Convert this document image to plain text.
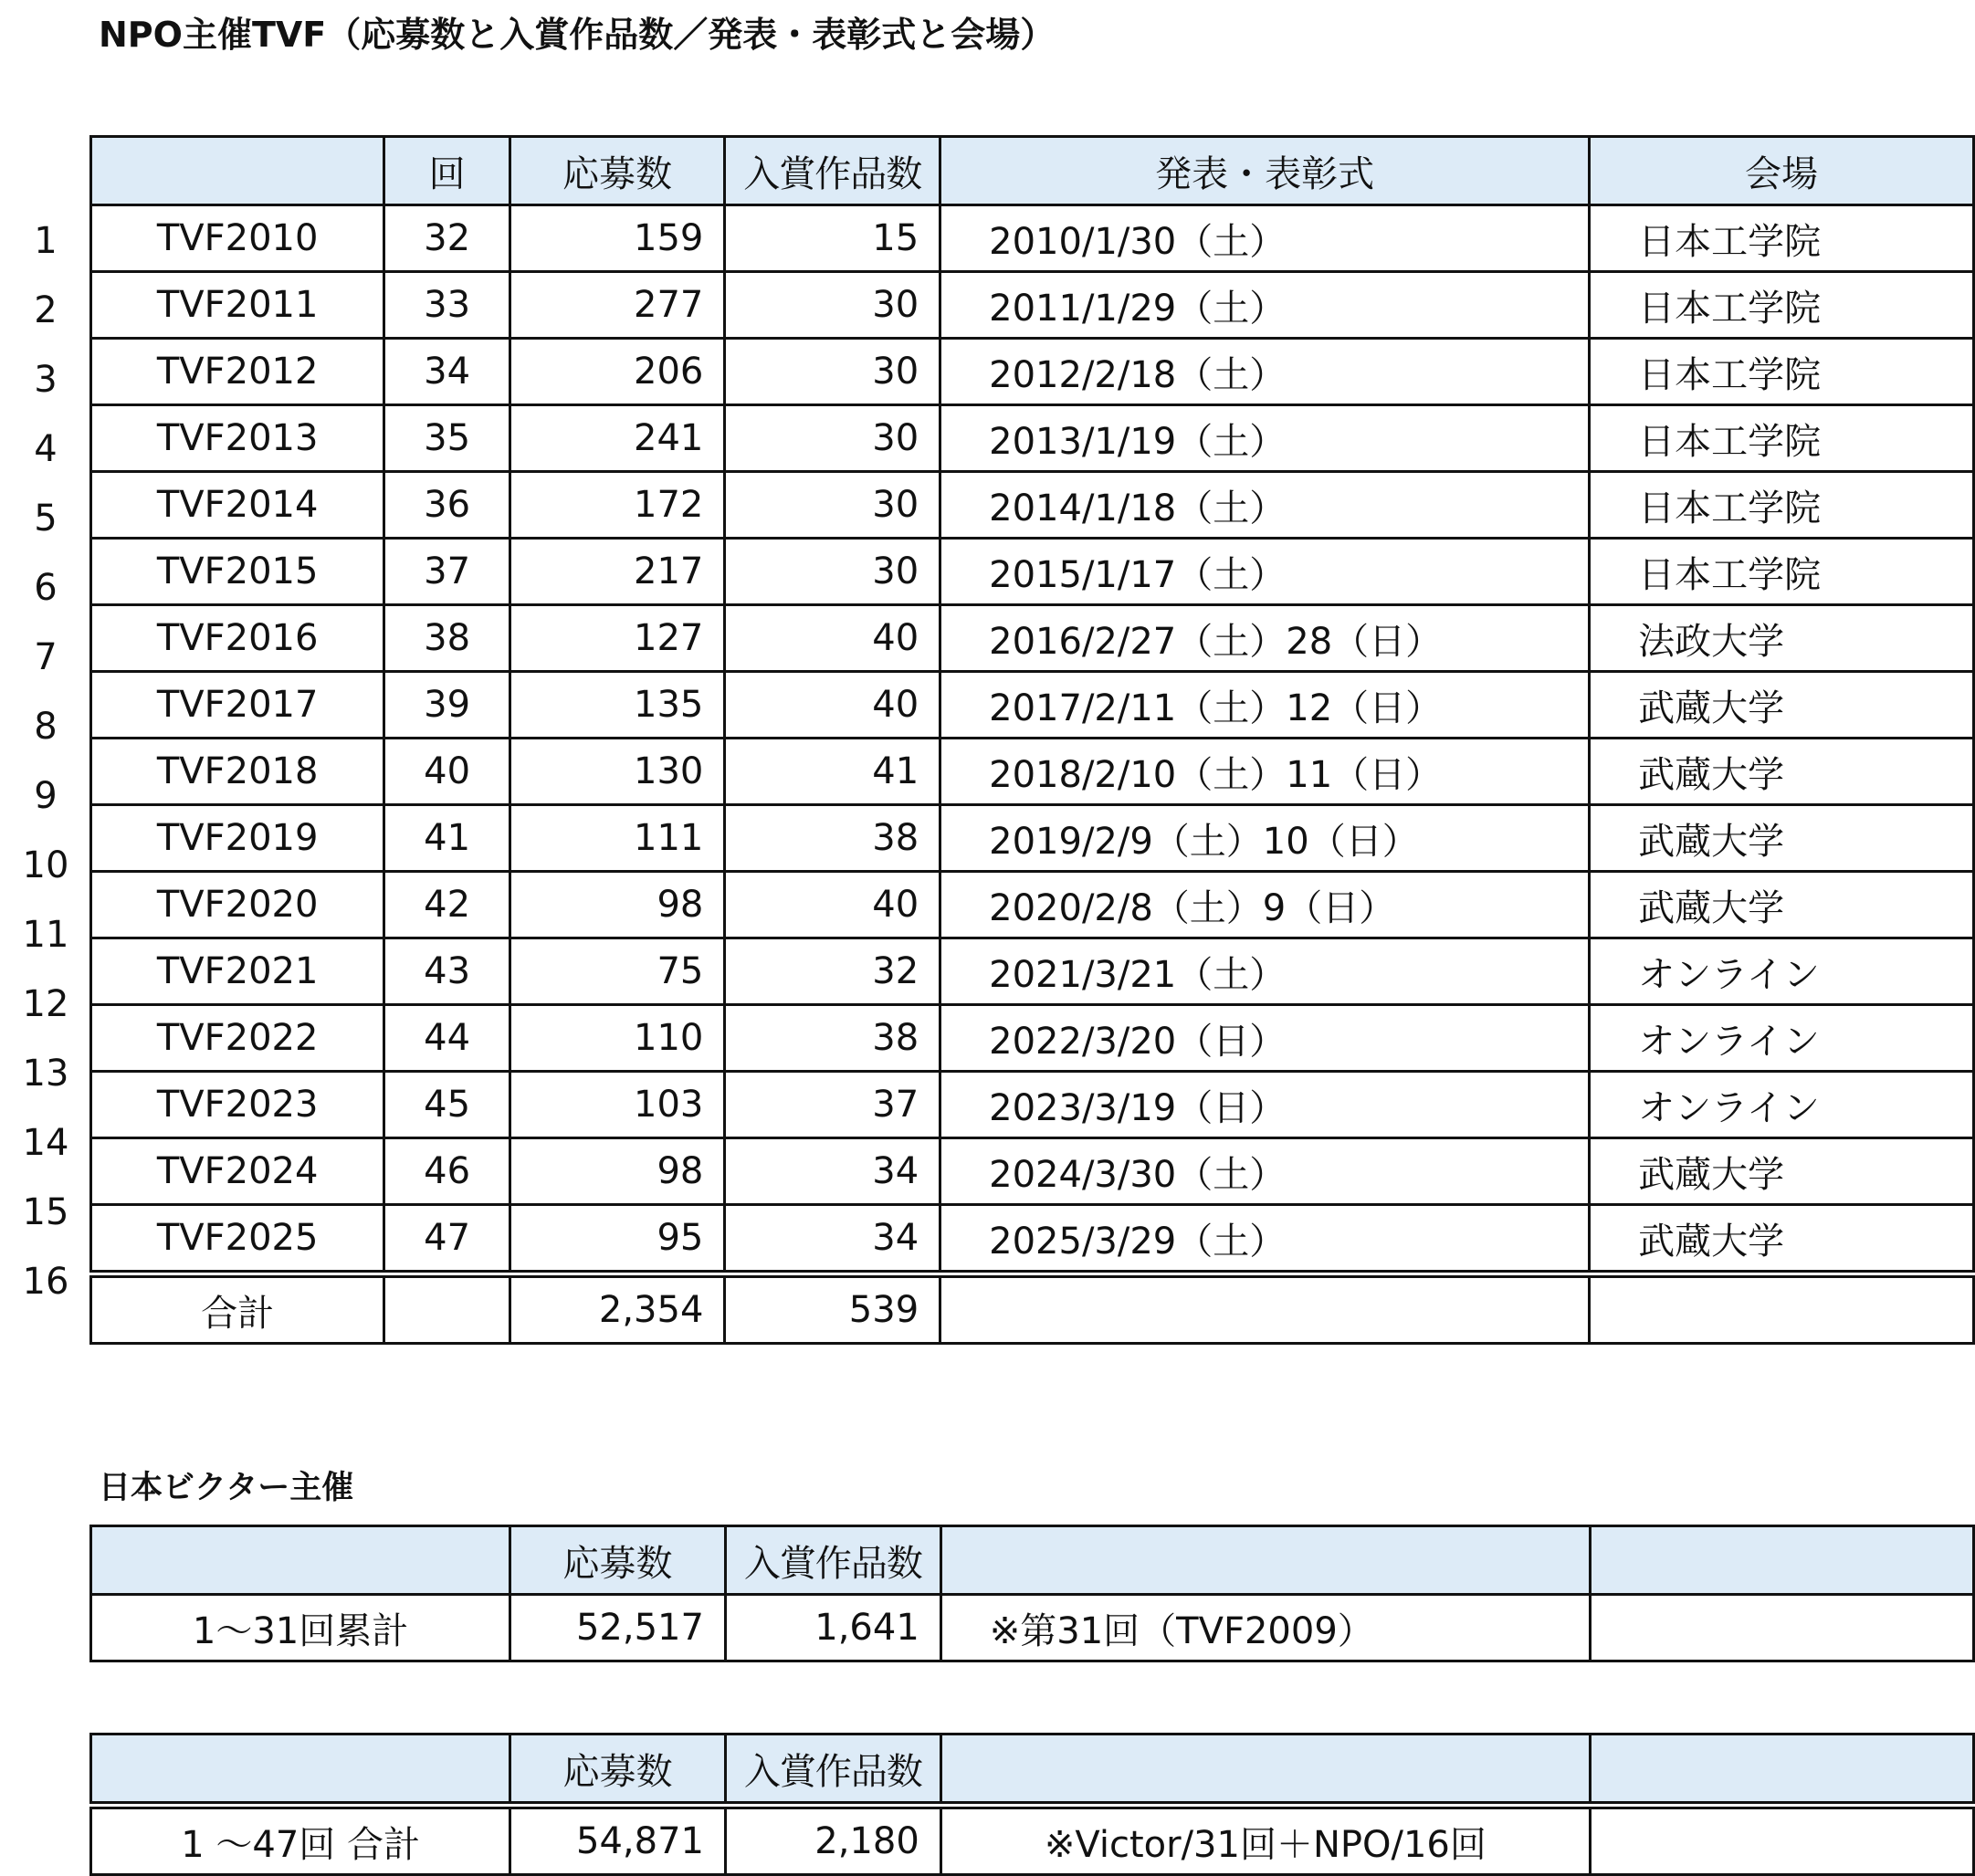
NPO主催TVF（応募数と入賞作品数／発表・表彰式と会場）
1
2
3
4
5
6
7
8
9
10
11
12
13
14
15
16
	回	応募数	入賞作品数	発表・表彰式	会場
TVF2010	32	159	15	2010/1/30（土）	日本工学院
TVF2011	33	277	30	2011/1/29（土）	日本工学院
TVF2012	34	206	30	2012/2/18（土）	日本工学院
TVF2013	35	241	30	2013/1/19（土）	日本工学院
TVF2014	36	172	30	2014/1/18（土）	日本工学院
TVF2015	37	217	30	2015/1/17（土）	日本工学院
TVF2016	38	127	40	2016/2/27（土）28（日）	法政大学
TVF2017	39	135	40	2017/2/11（土）12（日）	武蔵大学
TVF2018	40	130	41	2018/2/10（土）11（日）	武蔵大学
TVF2019	41	111	38	2019/2/9（土）10（日）	武蔵大学
TVF2020	42	98	40	2020/2/8（土）9（日）	武蔵大学
TVF2021	43	75	32	2021/3/21（土）	オンライン
TVF2022	44	110	38	2022/3/20（日）	オンライン
TVF2023	45	103	37	2023/3/19（日）	オンライン
TVF2024	46	98	34	2024/3/30（土）	武蔵大学
TVF2025	47	95	34	2025/3/29（土）	武蔵大学
合計		2,354	539		
日本ビクター主催
	応募数	入賞作品数		
1～31回累計	52,517	1,641	※第31回（TVF2009）	
	応募数	入賞作品数		
1 ～47回 合計	54,871	2,180	※Victor/31回＋NPO/16回	
